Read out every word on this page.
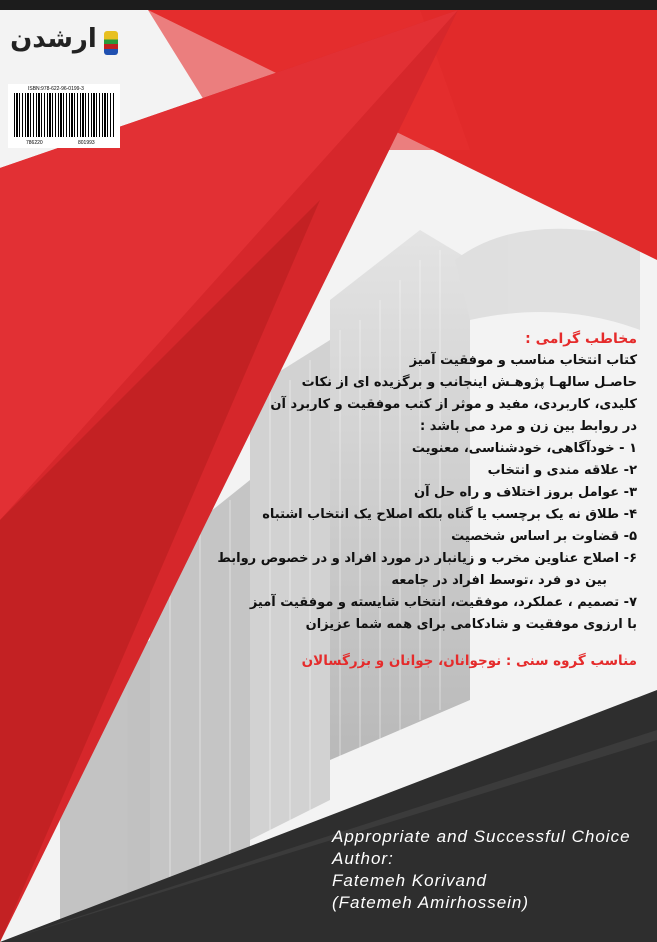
ارشدن
ISBN:978-622-96-0199-3
786220	801993
مخاطب گرامی :
کتاب انتخاب مناسب و موفقیت آمیز
حاصـل سالهـا پژوهـش اینجانب و برگزیده ای از نکات
کلیدی، کاربردی، مفید و موثر از کتب موفقیت و کاربرد آن
در روابط بین زن و مرد می باشد :
۱ - خودآگاهی، خودشناسی، معنویت
۲- علاقه مندی و انتخاب
۳- عوامل بروز اختلاف و راه حل آن
۴- طلاق نه یک برچسب یا گناه بلکه اصلاح یک انتخاب اشتباه
۵- قضاوت بر اساس شخصیت
۶- اصلاح عناوین مخرب و زیانبار در مورد افراد و در خصوص روابط
بین دو فرد ،توسط افراد در جامعه
۷- تصمیم ، عملکرد، موفقیت، انتخاب شایسته و موفقیت آمیز
با ارزوی موفقیت و شادکامی برای همه شما عزیزان
مناسب گروه سنی : نوجوانان، جوانان و بزرگسالان
Appropriate and Successful Choice
Author:
Fatemeh Korivand
(Fatemeh Amirhossein)
